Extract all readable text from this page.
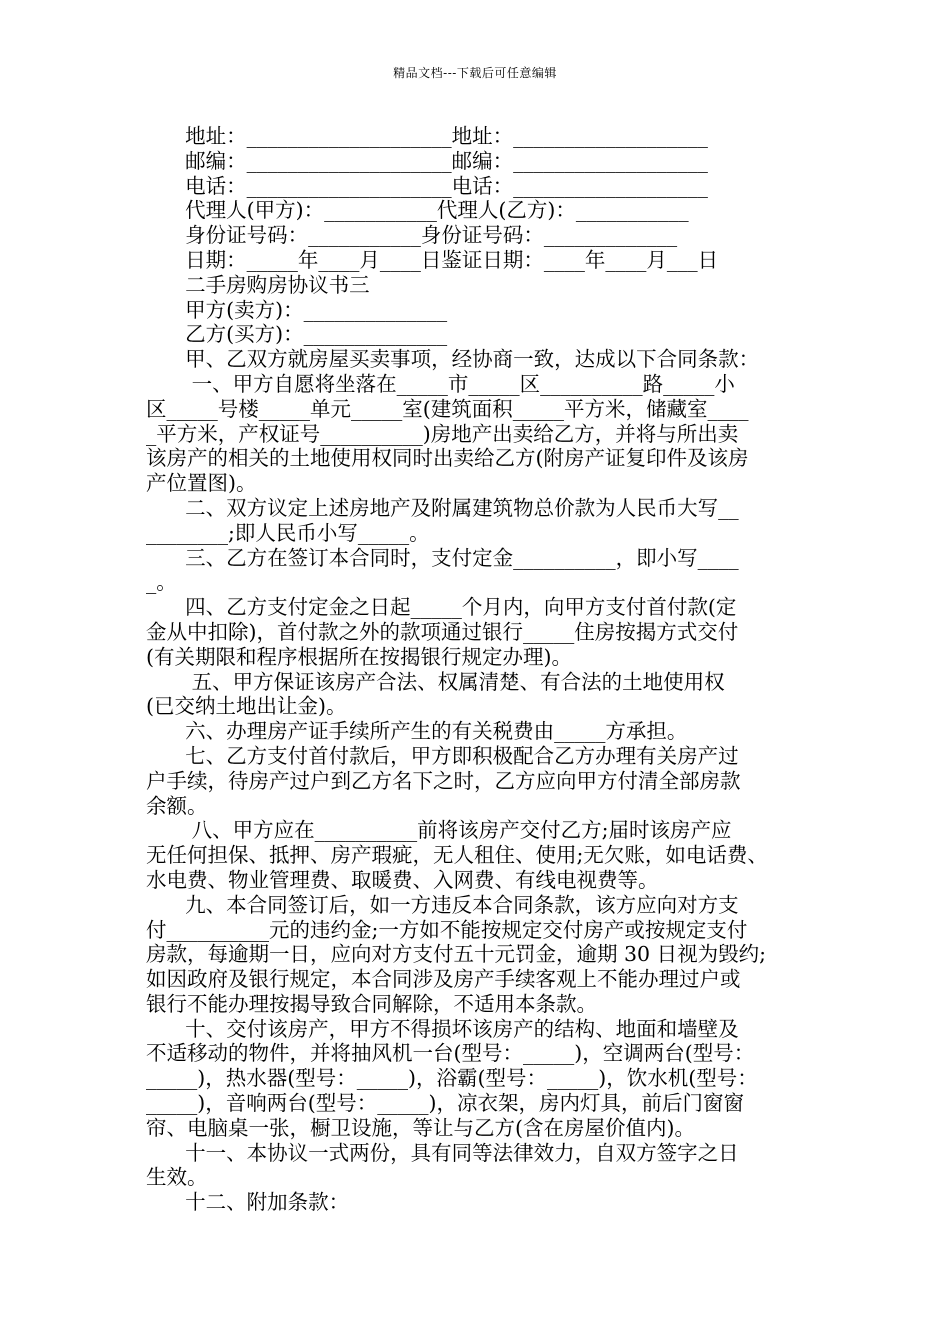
精品文档---下载后可任意编辑
地址：____________________地址：___________________
邮编：____________________邮编：___________________
电话：____________________电话：___________________
代理人(甲方)：___________代理人(乙方)：___________
身份证号码：___________身份证号码：_____________
日期：_____年____月____日鉴证日期：____年____月___日
二手房购房协议书三
甲方(卖方)：______________
乙方(买方)：______________
甲、乙双方就房屋买卖事项，经协商一致，达成以下合同条款：
一、甲方自愿将坐落在_____市_____区__________路_____小
区_____号楼_____单元_____室(建筑面积_____平方米，储藏室____
_平方米，产权证号__________)房地产出卖给乙方，并将与所出卖
该房产的相关的土地使用权同时出卖给乙方(附房产证复印件及该房
产位置图)。
二、双方议定上述房地产及附属建筑物总价款为人民币大写__
________;即人民币小写_____。
三、乙方在签订本合同时，支付定金__________，即小写____
_。
四、乙方支付定金之日起_____个月内，向甲方支付首付款(定
金从中扣除)，首付款之外的款项通过银行_____住房按揭方式交付
(有关期限和程序根据所在按揭银行规定办理)。
五、甲方保证该房产合法、权属清楚、有合法的土地使用权
(已交纳土地出让金)。
六、办理房产证手续所产生的有关税费由_____方承担。
七、乙方支付首付款后，甲方即积极配合乙方办理有关房产过
户手续，待房产过户到乙方名下之时，乙方应向甲方付清全部房款
余额。
八、甲方应在__________前将该房产交付乙方;届时该房产应
无任何担保、抵押、房产瑕疵，无人租住、使用;无欠账，如电话费、
水电费、物业管理费、取暖费、入网费、有线电视费等。
九、本合同签订后，如一方违反本合同条款，该方应向对方支
付__________元的违约金;一方如不能按规定交付房产或按规定支付
房款，每逾期一日，应向对方支付五十元罚金，逾期 30 日视为毁约;
如因政府及银行规定，本合同涉及房产手续客观上不能办理过户或
银行不能办理按揭导致合同解除，不适用本条款。
十、交付该房产，甲方不得损坏该房产的结构、地面和墙壁及
不适移动的物件，并将抽风机一台(型号：_____)，空调两台(型号：
_____)，热水器(型号：_____)，浴霸(型号：_____)，饮水机(型号：
_____)，音响两台(型号：_____)，凉衣架，房内灯具，前后门窗窗
帘、电脑桌一张，橱卫设施，等让与乙方(含在房屋价值内)。
十一、本协议一式两份，具有同等法律效力，自双方签字之日
生效。
十二、附加条款：
